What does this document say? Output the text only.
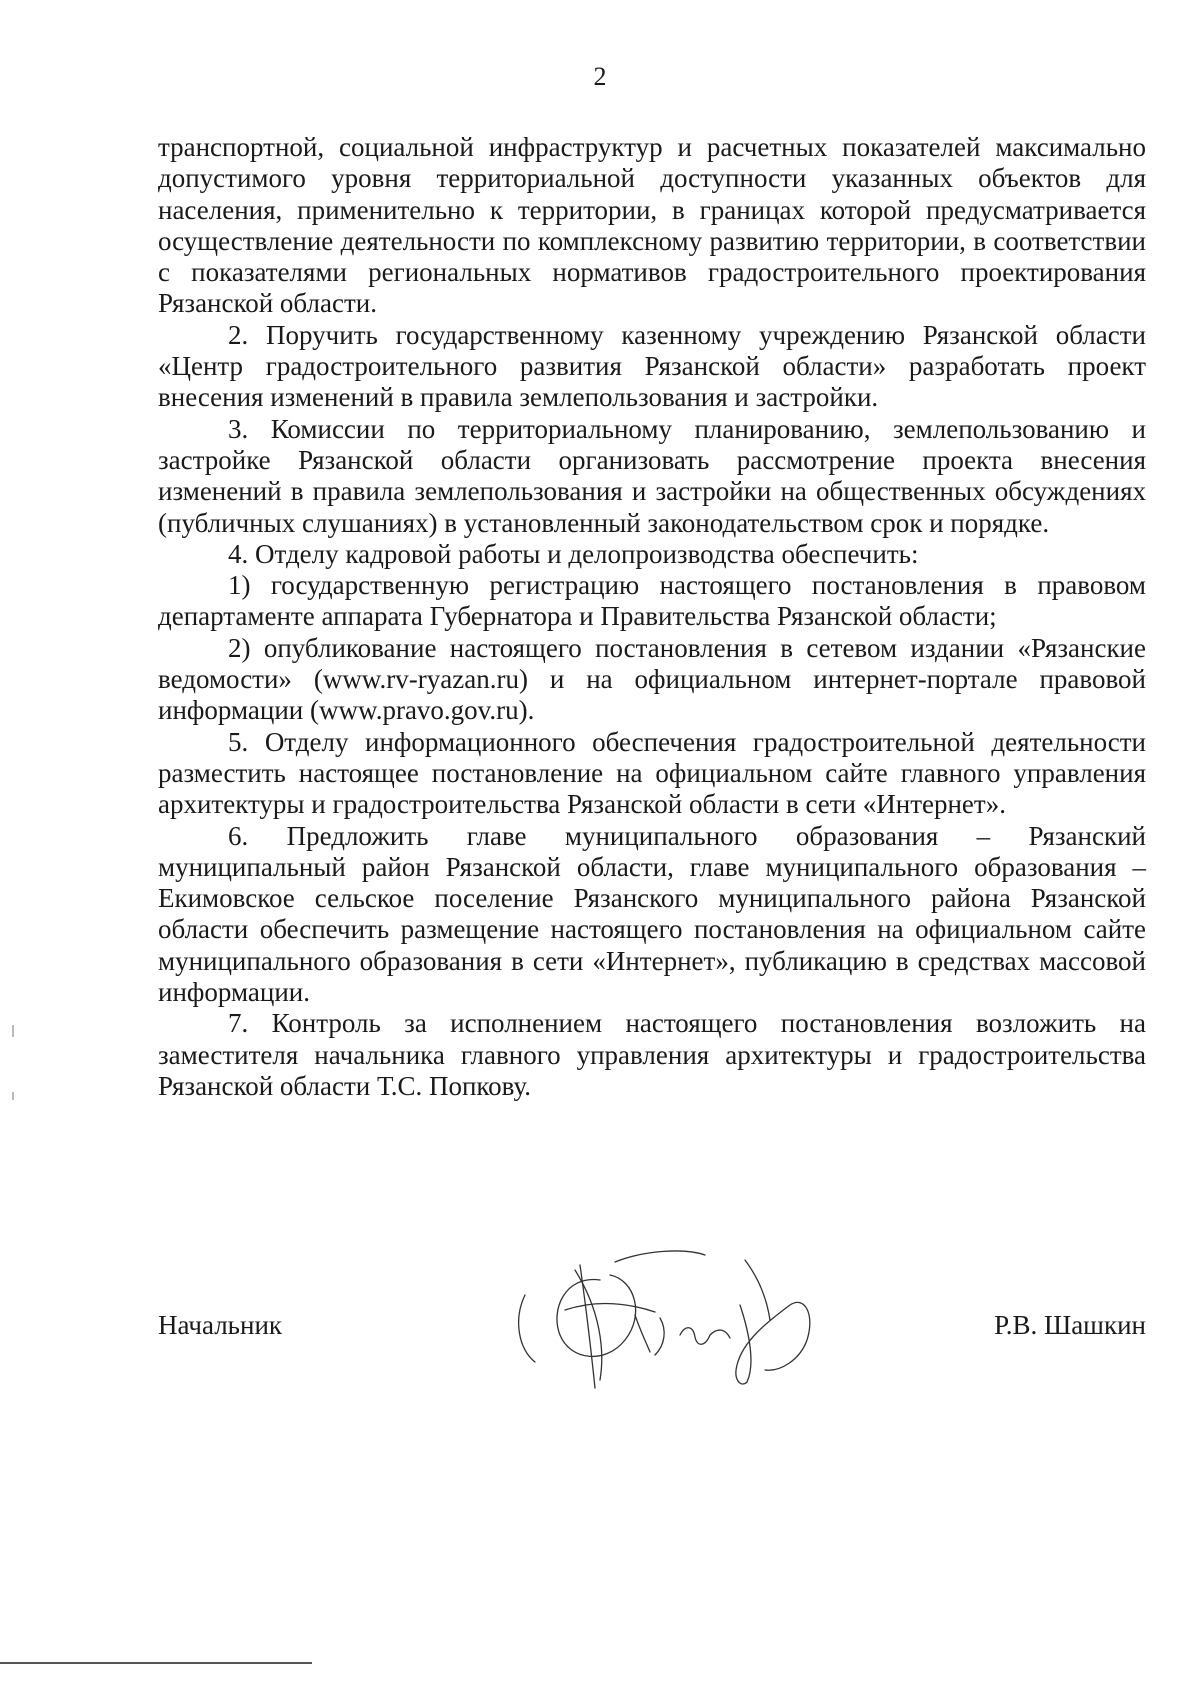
2

транспортной, социальной инфраструктур и расчетных показателей максимально допустимого уровня территориальной доступности указанных объектов для населения, применительно к территории, в границах которой предусматривается осуществление деятельности по комплексному развитию территории, в соответствии с показателями региональных нормативов градостроительного проектирования Рязанской области.

2. Поручить государственному казенному учреждению Рязанской области «Центр градостроительного развития Рязанской области» разработать проект внесения изменений в правила землепользования и застройки.

3. Комиссии по территориальному планированию, землепользованию и застройке Рязанской области организовать рассмотрение проекта внесения изменений в правила землепользования и застройки на общественных обсуждениях (публичных слушаниях) в установленный законодательством срок и порядке.

4. Отделу кадровой работы и делопроизводства обеспечить:

1) государственную регистрацию настоящего постановления в правовом департаменте аппарата Губернатора и Правительства Рязанской области;

2) опубликование настоящего постановления в сетевом издании «Рязанские ведомости» (www.rv-ryazan.ru) и на официальном интернет-портале правовой информации (www.pravo.gov.ru).

5. Отделу информационного обеспечения градостроительной деятельности разместить настоящее постановление на официальном сайте главного управления архитектуры и градостроительства Рязанской области в сети «Интернет».

6. Предложить главе муниципального образования – Рязанский муниципальный район Рязанской области, главе муниципального образования – Екимовское сельское поселение Рязанского муниципального района Рязанской области обеспечить размещение настоящего постановления на официальном сайте муниципального образования в сети «Интернет», публикацию в средствах массовой информации.

7. Контроль за исполнением настоящего постановления возложить на заместителя начальника главного управления архитектуры и градостроительства Рязанской области Т.С. Попкову.

Начальник	Р.В. Шашкин
